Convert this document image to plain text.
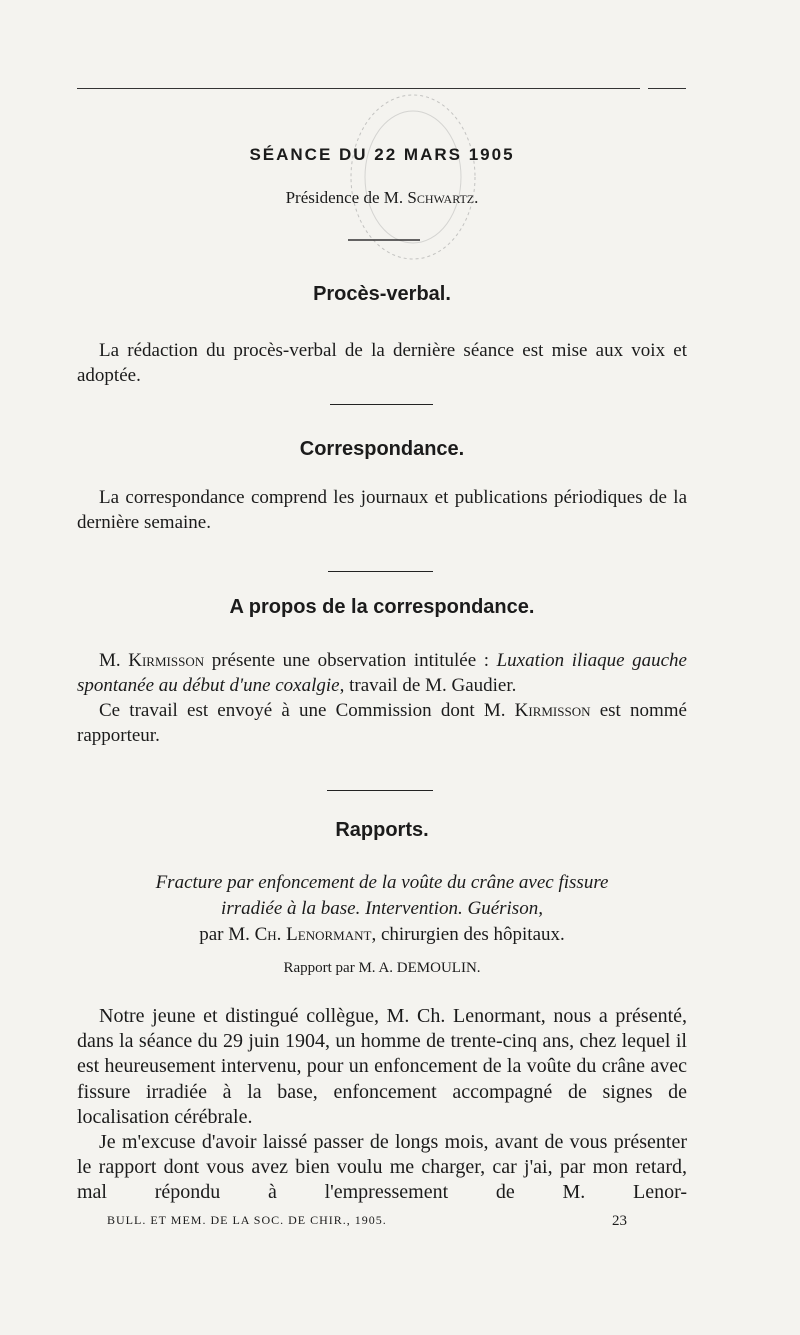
SÉANCE DU 22 MARS 1905
Présidence de M. Schwartz.
Procès-verbal.

La rédaction du procès-verbal de la dernière séance est mise aux voix et adoptée.

Correspondance.

La correspondance comprend les journaux et publications périodiques de la dernière semaine.

A propos de la correspondance.

M. Kirmisson présente une observation intitulée : Luxation iliaque gauche spontanée au début d'une coxalgie, travail de M. Gaudier.

Ce travail est envoyé à une Commission dont M. Kirmisson est nommé rapporteur.

Rapports.
Fracture par enfoncement de la voûte du crâne avec fissure
irradiée à la base. Intervention. Guérison,
par M. Ch. Lenormant, chirurgien des hôpitaux.
Rapport par M. A. DEMOULIN.

Notre jeune et distingué collègue, M. Ch. Lenormant, nous a présenté, dans la séance du 29 juin 1904, un homme de trente-cinq ans, chez lequel il est heureusement intervenu, pour un enfoncement de la voûte du crâne avec fissure irradiée à la base, enfoncement accompagné de signes de localisation cérébrale.

Je m'excuse d'avoir laissé passer de longs mois, avant de vous présenter le rapport dont vous avez bien voulu me charger, car j'ai, par mon retard, mal répondu à l'empressement de M. Lenor-

BULL. ET MEM. DE LA SOC. DE CHIR., 1905.	23
